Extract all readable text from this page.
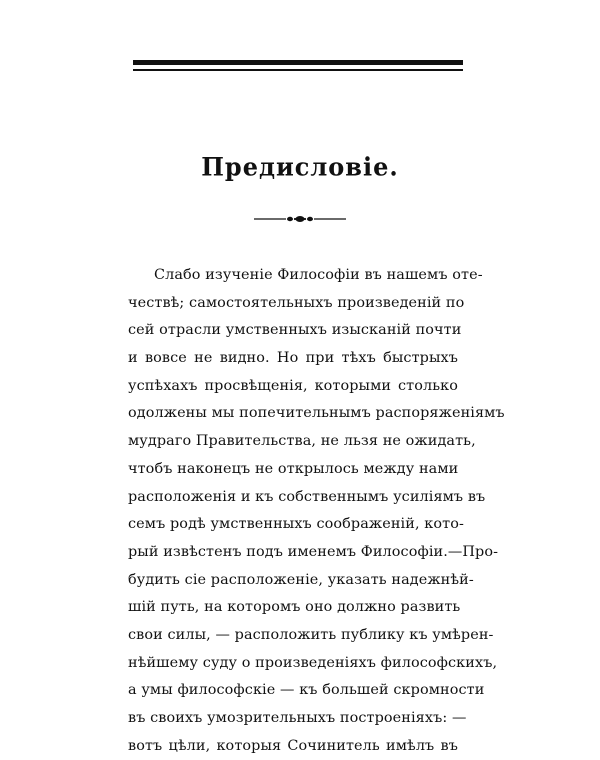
Предисловіе.
Слабо изученіе Философіи въ нашемъ оте-
чествѣ; самостоятельныхъ произведеній по
сей отрасли умственныхъ изысканій почти
и вовсе не видно. Но при тѣхъ быстрыхъ
успѣхахъ просвѣщенія, которыми столько
одолжены мы попечительнымъ распоряженіямъ
мудраго Правительства, не льзя не ожидать,
чтобъ наконецъ не открылось между нами
расположенія и къ собственнымъ усиліямъ въ
семъ родѣ умственныхъ соображеній, кото-
рый извѣстенъ подъ именемъ Философіи.—Про-
будить сіе расположеніе, указать надежнѣй-
шій путь, на которомъ оно должно развить
свои силы, — расположить публику къ умѣрен-
нѣйшему суду о произведеніяхъ философскихъ,
а умы философскіе — къ большей скромности
въ своихъ умозрительныхъ построеніяхъ: —
вотъ цѣли, которыя Сочинитель имѣлъ въ
